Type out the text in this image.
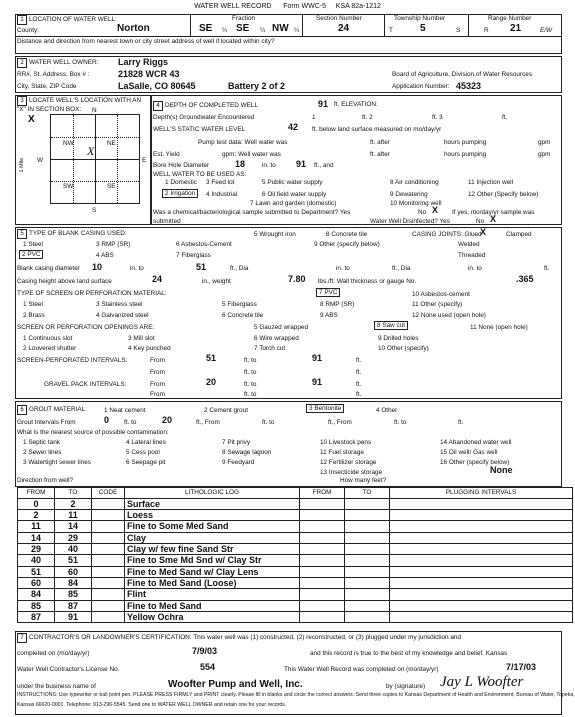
WATER WELL RECORD Form WWC-5 KSA 82a-1212
1 LOCATION OF WATER WELL:	Fraction
County:	Norton	SE ¼ SE ¼ NW ¼
Section Number
24
Township Number
T	5	S
Range Number
R 21	E/W
Distance and direction from nearest town or city street address of well if located within city?
2 WATER WELL OWNER: Larry Riggs
RR#, St. Address, Box # :	21828 WCR 43
City, State, ZIP Code	LaSalle, CO 80645	Battery 2 of 2
Board of Agriculture, Division of Water Resources
Application Number: 45323
3 LOCATE WELL'S LOCATION WITH AN "X" IN SECTION BOX:
NW	NE
SW	SE
X
N
S
W	E
X
1 Mile
4 DEPTH OF COMPLETED WELL	91 ft. ELEVATION:
Depth(s) Groundwater Encountered	1	ft. 2	ft. 3	ft.
WELL'S STATIC WATER LEVEL	42 ft. below land surface measured on mo/day/yr
Pump test data: Well water was	ft. after	hours pumping	gpm
Est. Yield	gpm: Well water was	ft. after	hours pumping	gpm
Bore Hole Diameter	18	in. to 91 ft., and
WELL WATER TO BE USED AS:
1 Domestic 3 Feed lot	5 Public water supply	8 Air conditioning	11 Injection well
2 Irrigation	4 Industrial	6 Oil field water supply	9 Dewatering	12 Other (Specify below)
7 Lawn and garden (domestic)	10 Monitoring well
Was a chemical/bacteriological sample submitted to Department? Yes	No X If yes, mo/day/yr sample was
submitted	Water Well Disinfected? Yes	No X
5 TYPE OF BLANK CASING USED:	5 Wrought iron	8 Concrete tile	CASING JOINTS: Glued
X	Clamped
1 Steel	3 RMP (SR)	6 Asbestos-Cement	9 Other (specify below)	Welded
2 PVC	4 ABS	7 Fiberglass	Threaded
Blank casing diameter 10	in. to	51	ft., Dia	in. to	ft., Dia	in. to	ft.
Casing height above land surface	24	in., weight	7.80 lbs./ft. Wall thickness or gauge No.	.365
TYPE OF SCREEN OR PERFORATION MATERIAL:
1 Steel	3 Stainless steel	5 Fiberglass
7 PVC	10 Asbestos-cement
2 Brass	4 Galvanized steel	6 Concrete tile
8 RMP (SR)	11 Other (specify)
9 ABS	12 None used (open hole)
SCREEN OR PERFORATION OPENINGS ARE:	5 Gauzed wrapped	8 Saw cut	11 None (open hole)
1 Continuous slot	3 Mill slot	6 Wire wrapped	9 Drilled holes
2 Louvered shutter	4 Key punched	7 Torch cut	10 Other (specify)
SCREEN-PERFORATED INTERVALS:	From	51	ft. to	91	ft.
From	ft. to	ft.
GRAVEL PACK INTERVALS:	From	20	ft. to	91	ft.
From	ft. to	ft.
6 GROUT MATERIAL:	1 Neat cement	2 Cement grout	3 Bentonite	4 Other
Grout Intervals From	0 ft. to	20	ft., From	ft. to	ft., From	ft. to	ft.
What is the nearest source of possible contamination:
1 Septic tank	4 Lateral lines	7 Pit privy	10 Livestock pens	14 Abandoned water well
2 Sewer lines	5 Cess pool	8 Sewage lagoon	11 Fuel storage	15 Oil well/ Gas well
3 Watertight sewer lines	6 Seepage pit	9 Feedyard	12 Fertilizer storage	16 Other (specify below)
13 Insecticide storage	None
Direction from well?	How many feet?
FROM	TO	CODE	LITHOLOGIC LOG	FROM	TO	PLUGGING INTERVALS
0	2		Surface			
2	11		Loess			
11	14		Fine to Some Med Sand			
14	29		Clay			
29	40		Clay w/ few fine Sand Str			
40	51		Fine to Sme Md Snd w/ Clay Str			
51	60		Fine to Med Sand w/ Clay Lens			
60	84		Fine to Med Sand (Loose)			
84	85		Flint			
85	87		Fine to Med Sand			
87	91		Yellow Ochra			
7 CONTRACTOR'S OR LANDOWNER'S CERTIFICATION: This water well was (1) constructed, (2) reconstructed, or (3) plugged under my jurisdiction and
completed on (mo/day/yr)	7/9/03	and this record is true to the best of my knowledge and belief. Kansas
Water Well Contractor's License No.	554	This Water Well Record was completed on (mo/day/yr)	7/17/03
under the business name of	Woofter Pump and Well, Inc.	by (signature) Jay L Woofter
INSTRUCTIONS: Use typewriter or ball point pen. PLEASE PRESS FIRMLY and PRINT clearly. Please fill in blanks and circle the correct answers. Send three copies to Kansas Department of Health and Environment, Bureau of Water, Topeka,
Kansas 66620-0001. Telephone: 913-296-5545. Send one to WATER WELL OWNER and retain one for your records.
